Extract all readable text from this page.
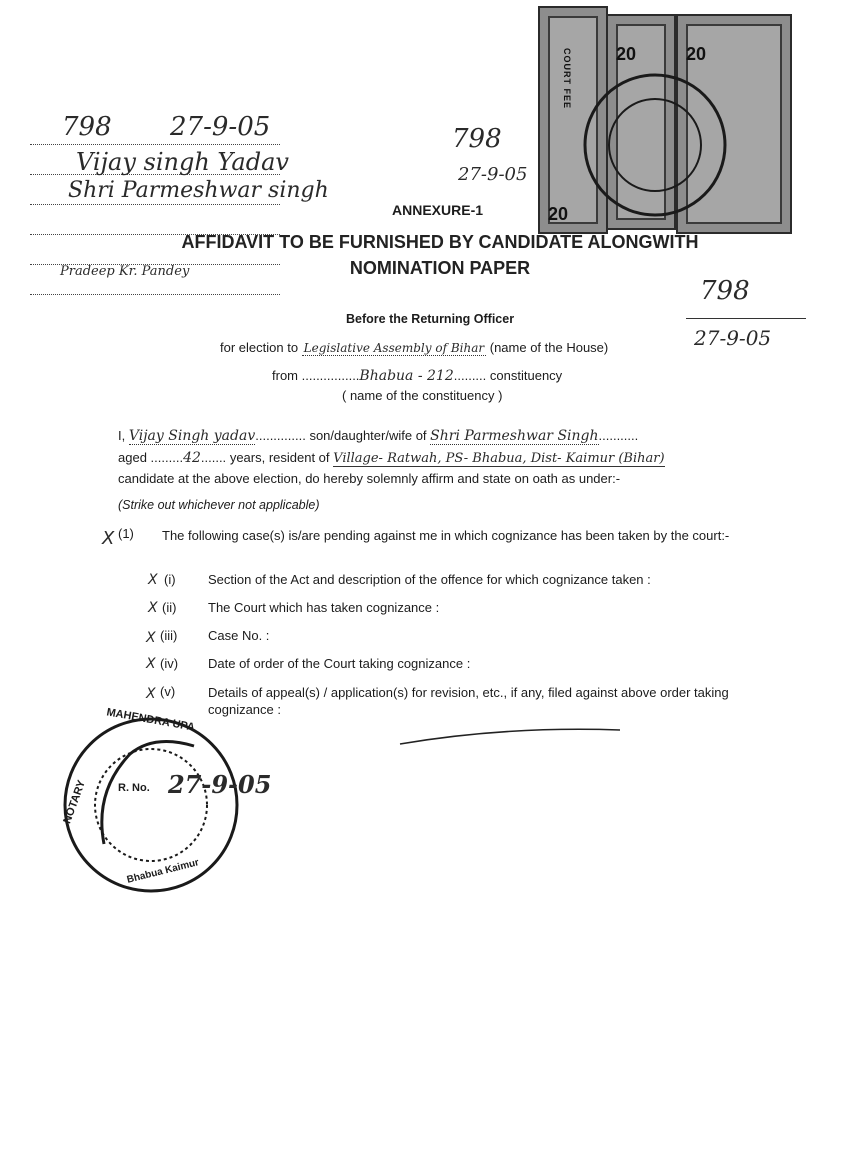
20
COURT FEE 20	20
798 27-9-05
Vijay singh Yadav
Shri Parmeshwar singh
Pradeep Kr. Pandey
798
27-9-05
ANNEXURE-1
AFFIDAVIT TO BE FURNISHED BY CANDIDATE ALONGWITH
NOMINATION PAPER
798
27-9-05
Before the Returning Officer
for election to Legislative Assembly of Bihar (name of the House)
from ................Bhabua - 212......... constituency
( name of the constituency )
I, Vijay Singh yadav.............. son/daughter/wife of Shri Parmeshwar Singh...........
aged .........42....... years, resident of Village- Ratwah, PS- Bhabua, Dist- Kaimur (Bihar)
candidate at the above election, do hereby solemnly affirm and state on oath as under:-
(Strike out whichever not applicable)
X (1) The following case(s) is/are pending against me in which cognizance has been taken by the court:-
X (i) Section of the Act and description of the offence for which cognizance taken :
X (ii) The Court which has taken cognizance :
X (iii) Case No. :
X (iv) Date of order of the Court taking cognizance :
X (v)	Details of appeal(s) / application(s) for revision, etc., if any, filed against above order taking cognizance :
MAHENDRA UPA
NOTARY	R. No.
Bhabua Kaimur
27-9-05
